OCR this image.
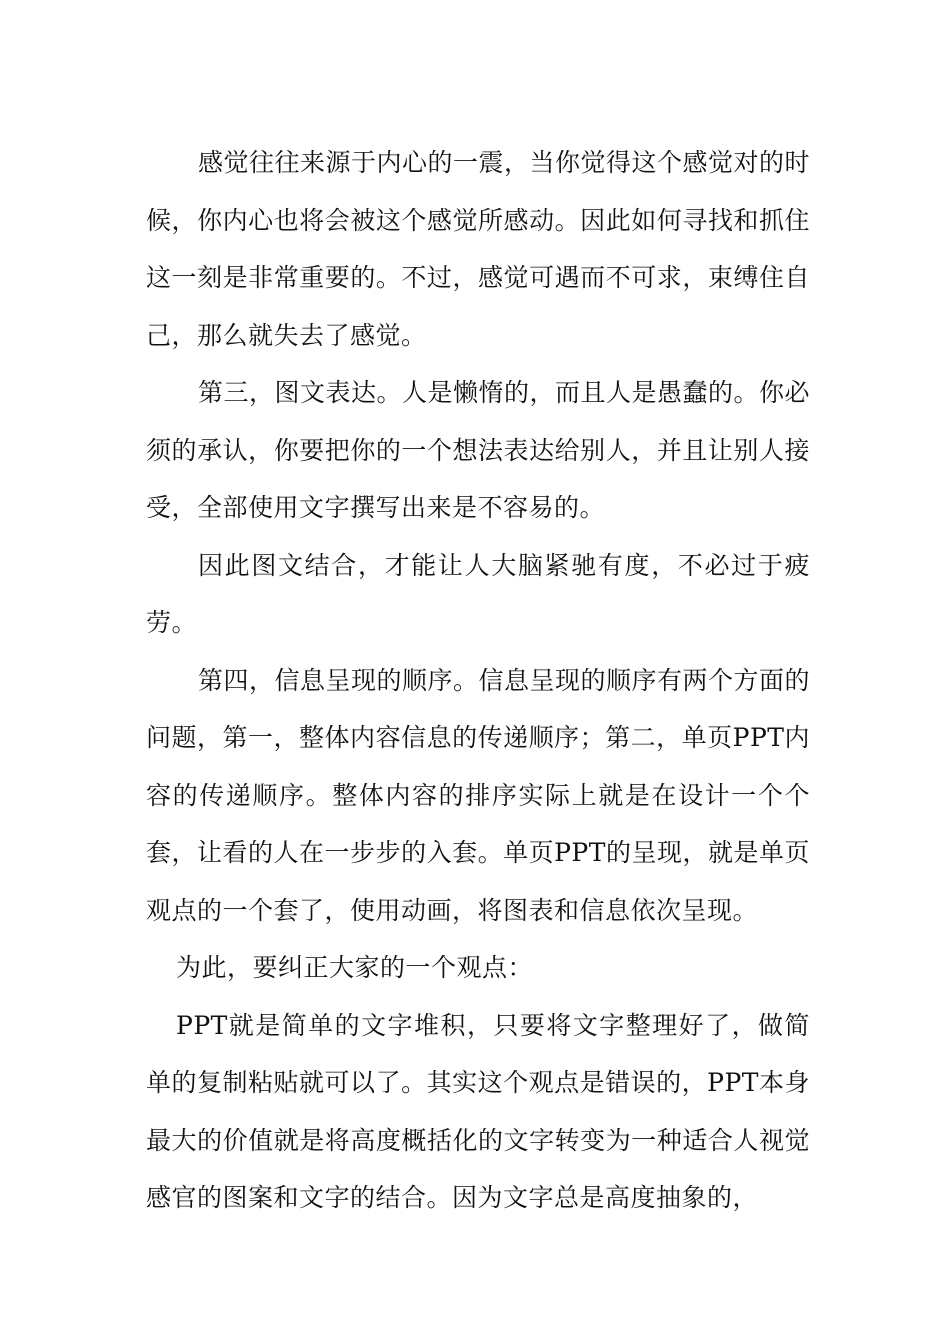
感觉往往来源于内心的一震，当你觉得这个感觉对的时候，你内心也将会被这个感觉所感动。因此如何寻找和抓住这一刻是非常重要的。不过，感觉可遇而不可求，束缚住自己，那么就失去了感觉。

第三，图文表达。人是懒惰的，而且人是愚蠢的。你必须的承认，你要把你的一个想法表达给别人，并且让别人接受，全部使用文字撰写出来是不容易的。

因此图文结合，才能让人大脑紧驰有度，不必过于疲劳。

第四，信息呈现的顺序。信息呈现的顺序有两个方面的问题，第一，整体内容信息的传递顺序；第二，单页PPT内容的传递顺序。整体内容的排序实际上就是在设计一个个套，让看的人在一步步的入套。单页PPT的呈现，就是单页观点的一个套了，使用动画，将图表和信息依次呈现。

为此，要纠正大家的一个观点：

PPT就是简单的文字堆积，只要将文字整理好了，做简单的复制粘贴就可以了。其实这个观点是错误的，PPT本身最大的价值就是将高度概括化的文字转变为一种适合人视觉感官的图案和文字的结合。因为文字总是高度抽象的，
